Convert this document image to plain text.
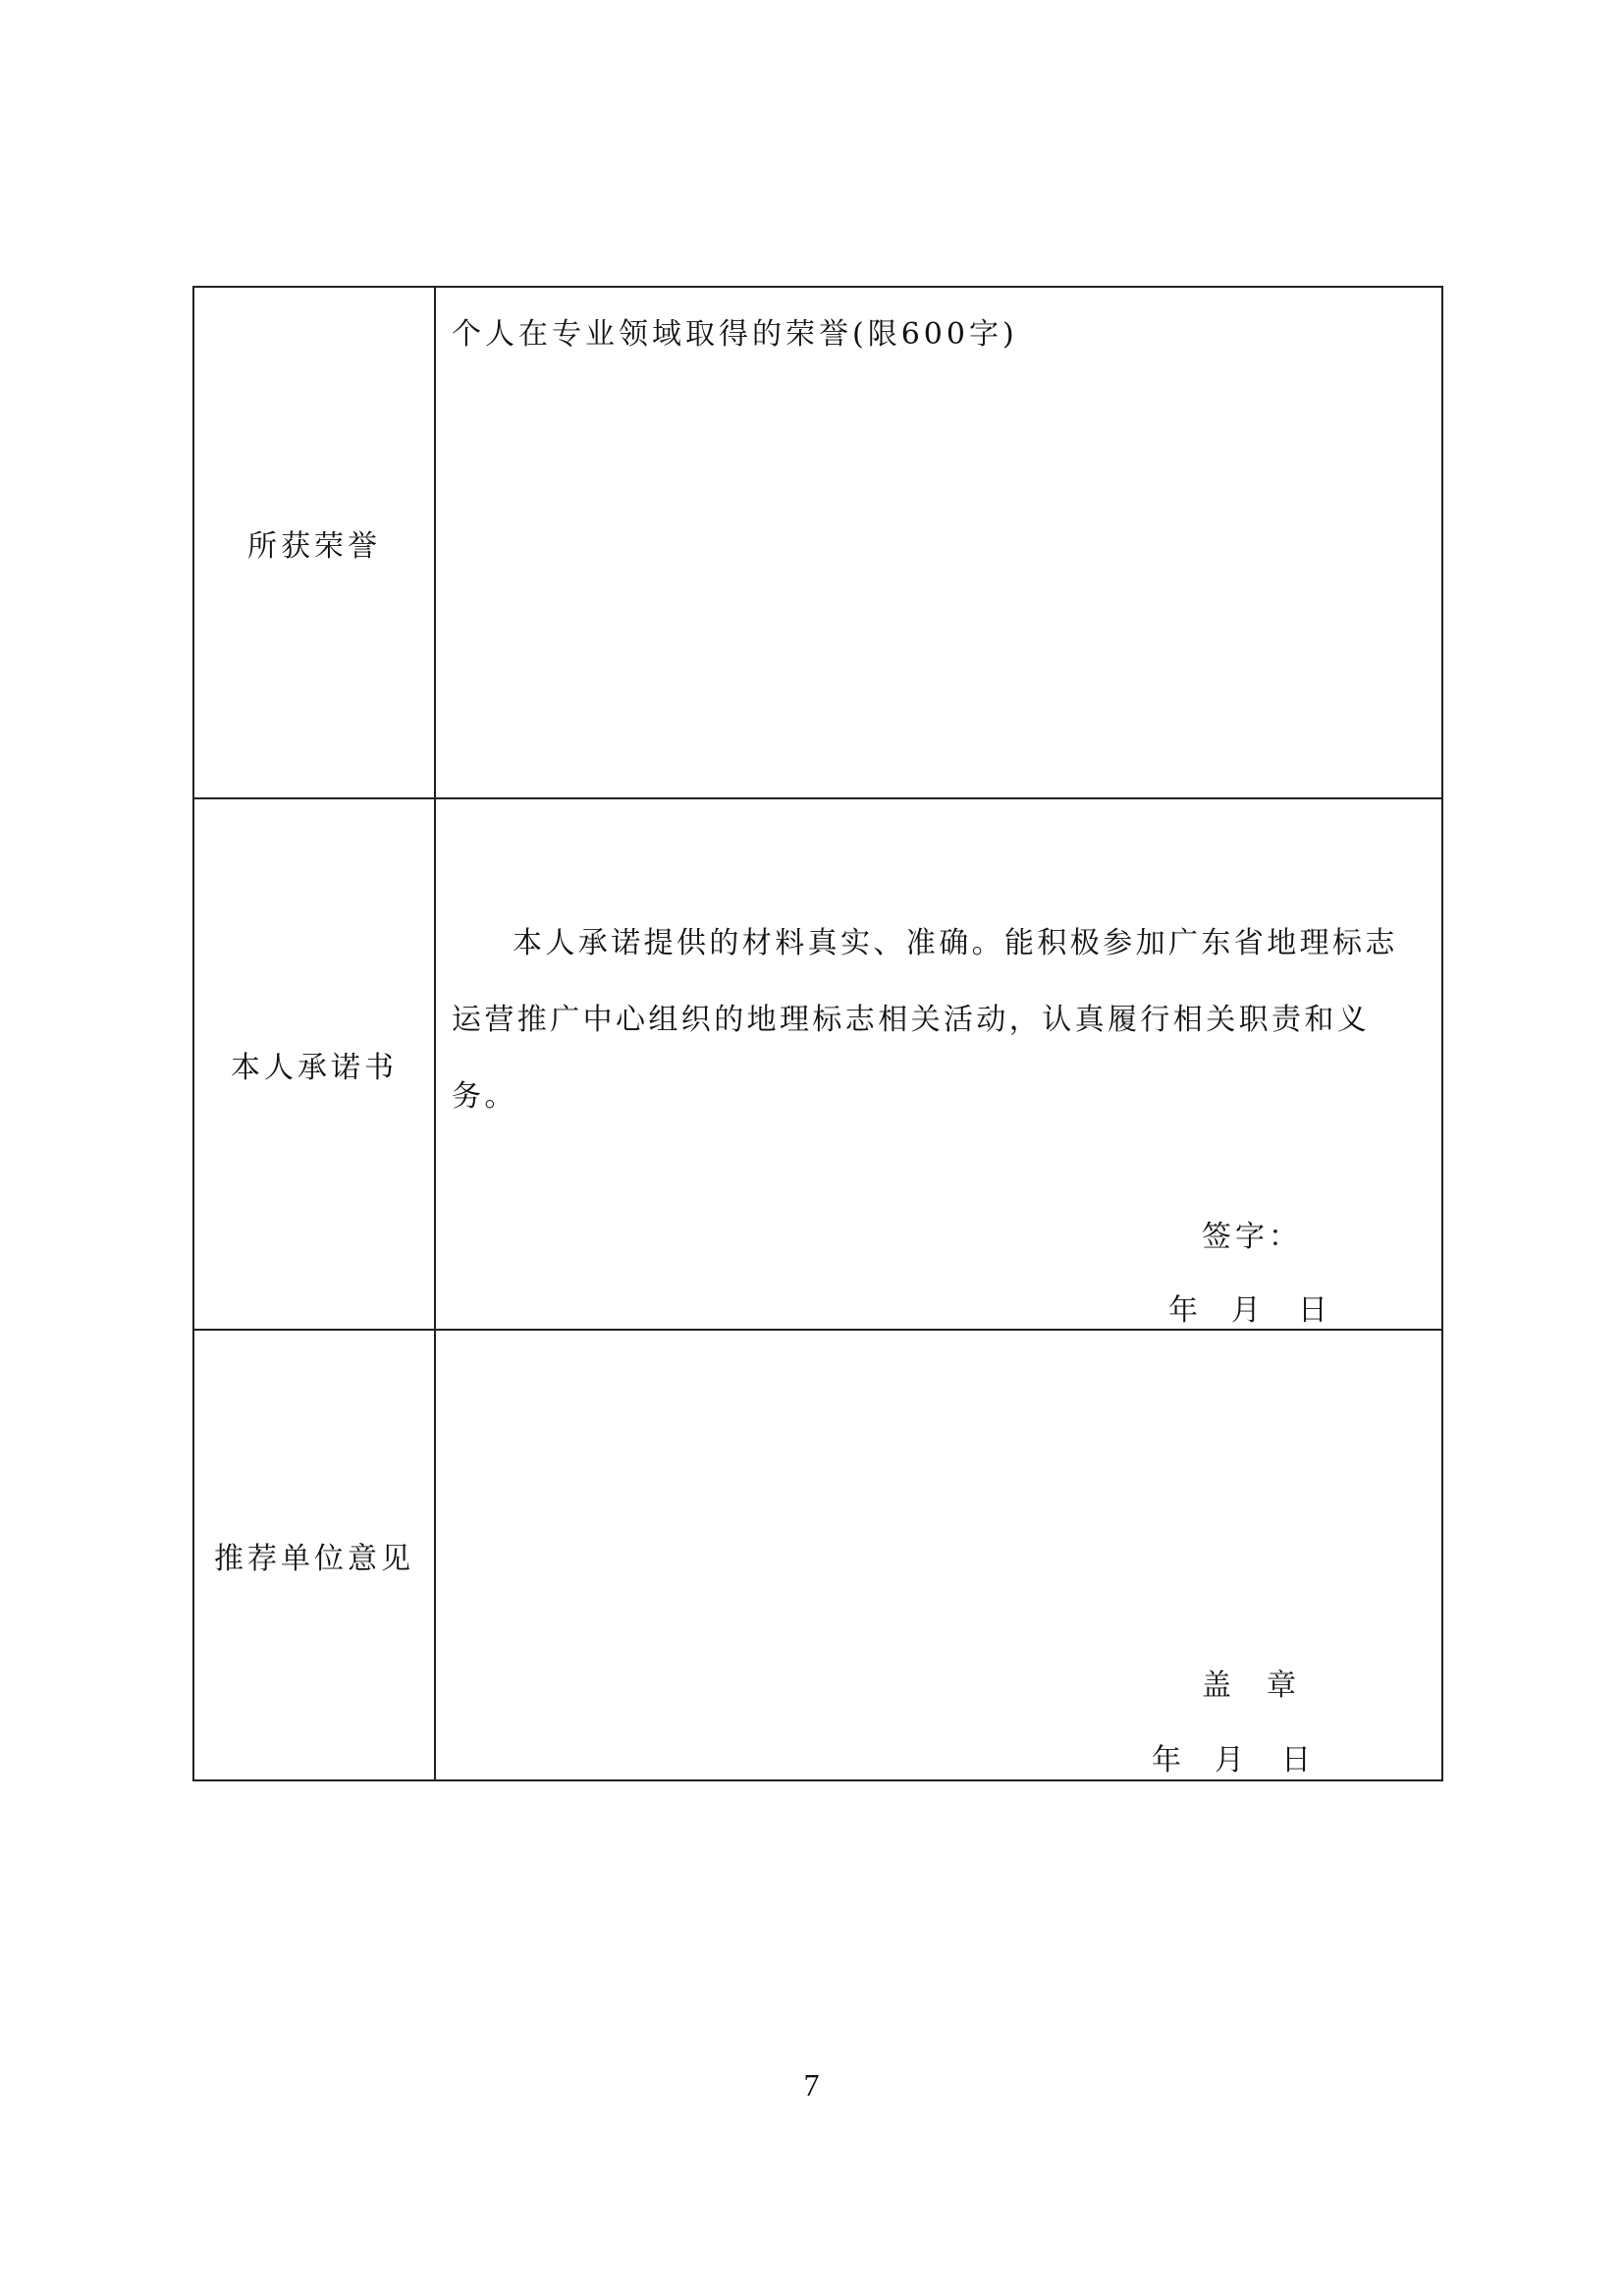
所获荣誉	个人在专业领域取得的荣誉(限600字)

本人承诺书	本人承诺提供的材料真实、准确。能积极参加广东省地理标志运营推广中心组织的地理标志相关活动，认真履行相关职责和义务。
签字：
年 月 日

推荐单位意见	盖 章
年 月 日
7
